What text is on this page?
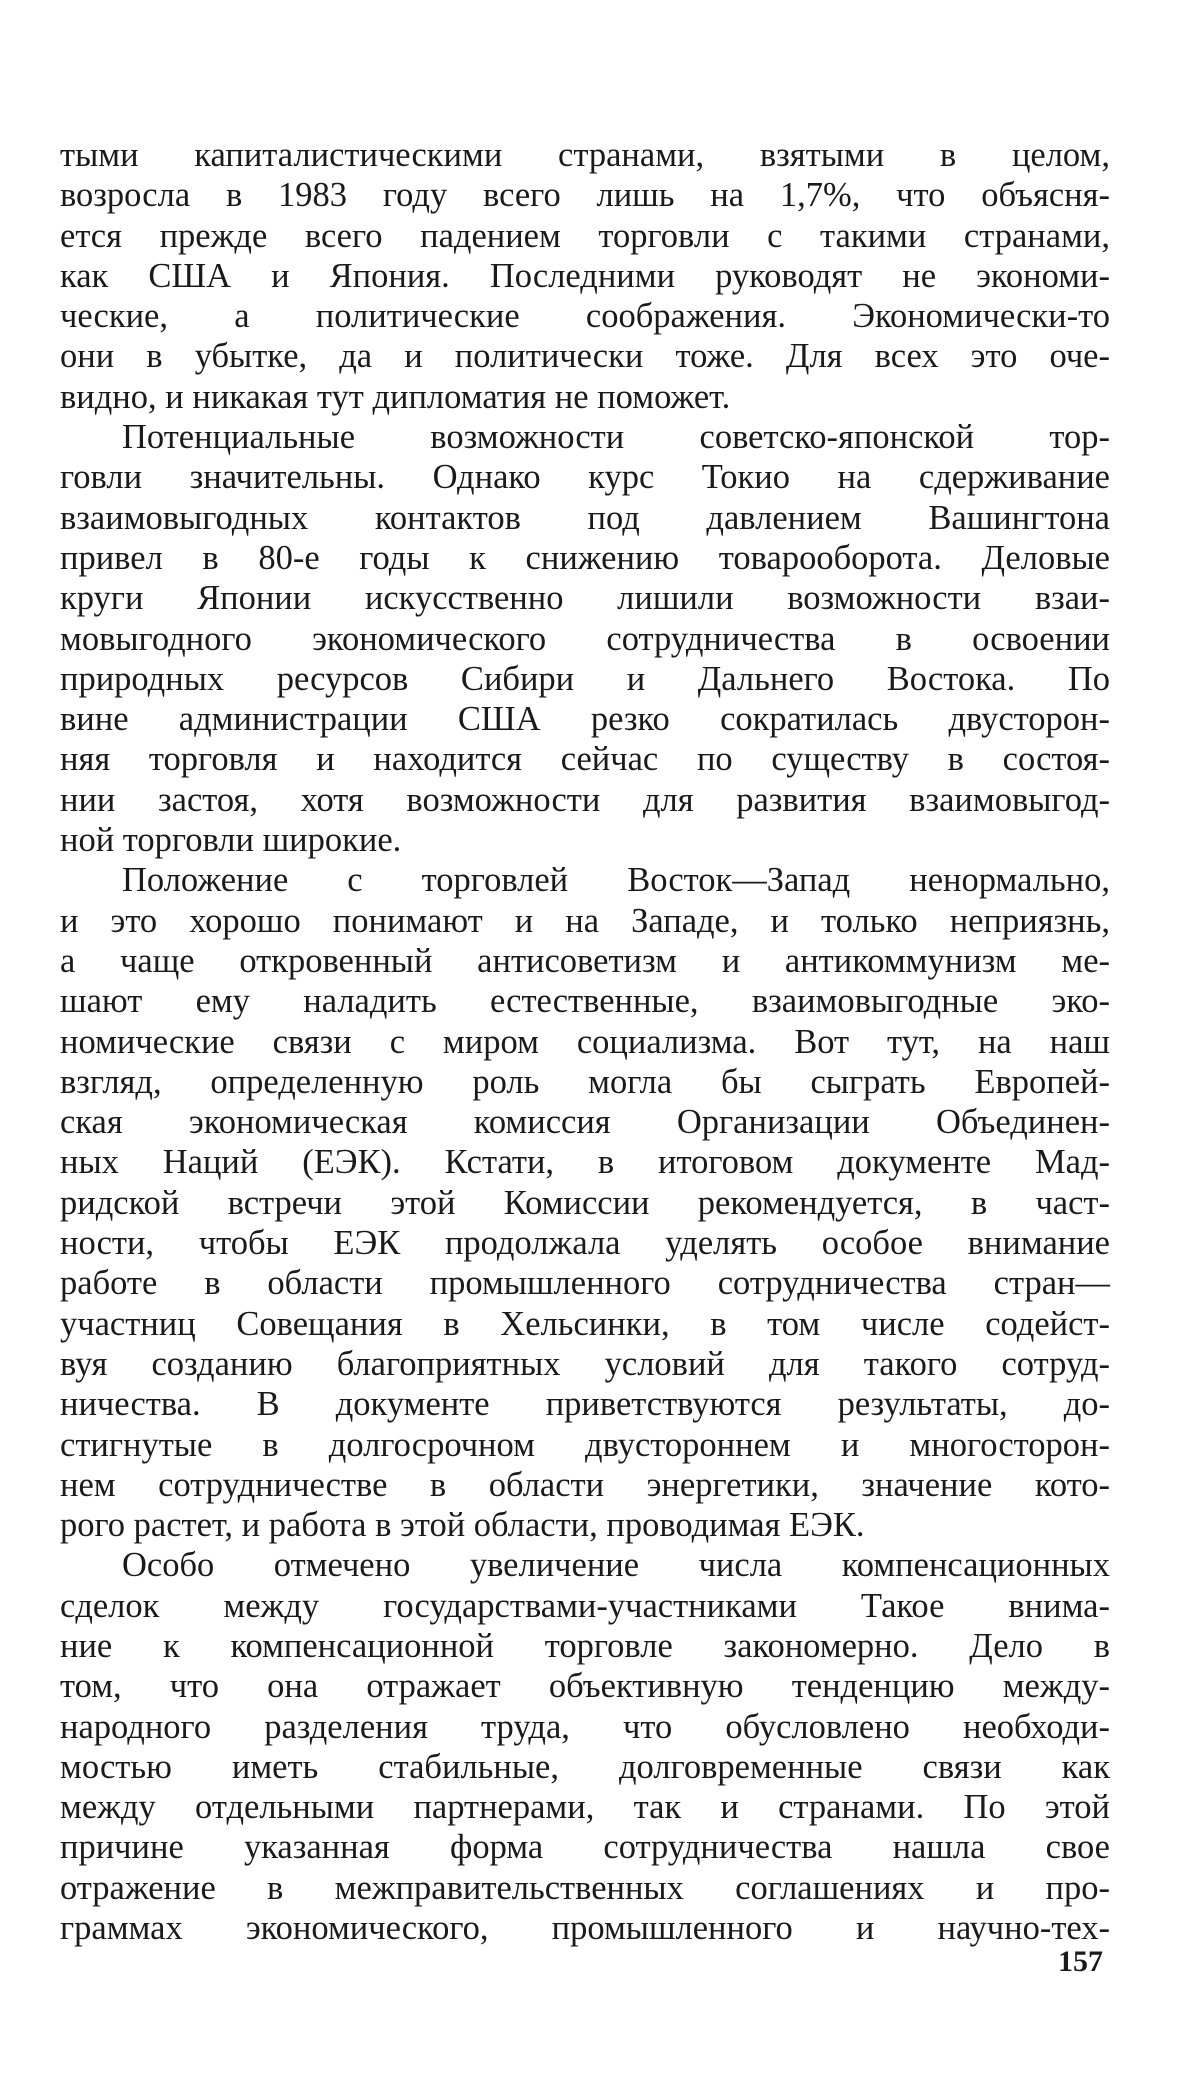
тыми капиталистическими странами, взятыми в целом,
возросла в 1983 году всего лишь на 1,7%, что объясня-
ется прежде всего падением торговли с такими странами,
как США и Япония. Последними руководят не экономи-
ческие, а политические соображения. Экономически-то
они в убытке, да и политически тоже. Для всех это оче-
видно, и никакая тут дипломатия не поможет.
Потенциальные возможности советско-японской тор-
говли значительны. Однако курс Токио на сдерживание
взаимовыгодных контактов под давлением Вашингтона
привел в 80-е годы к снижению товарооборота. Деловые
круги Японии искусственно лишили возможности взаи-
мовыгодного экономического сотрудничества в освоении
природных ресурсов Сибири и Дальнего Востока. По
вине администрации США резко сократилась двусторон-
няя торговля и находится сейчас по существу в состоя-
нии застоя, хотя возможности для развития взаимовыгод-
ной торговли широкие.
Положение с торговлей Восток—Запад ненормально,
и это хорошо понимают и на Западе, и только неприязнь,
а чаще откровенный антисоветизм и антикоммунизм ме-
шают ему наладить естественные, взаимовыгодные эко-
номические связи с миром социализма. Вот тут, на наш
взгляд, определенную роль могла бы сыграть Европей-
ская экономическая комиссия Организации Объединен-
ных Наций (ЕЭК). Кстати, в итоговом документе Мад-
ридской встречи этой Комиссии рекомендуется, в част-
ности, чтобы ЕЭК продолжала уделять особое внимание
работе в области промышленного сотрудничества стран—
участниц Совещания в Хельсинки, в том числе содейст-
вуя созданию благоприятных условий для такого сотруд-
ничества. В документе приветствуются результаты, до-
стигнутые в долгосрочном двустороннем и многосторон-
нем сотрудничестве в области энергетики, значение кото-
рого растет, и работа в этой области, проводимая ЕЭК.
Особо отмечено увеличение числа компенсационных
сделок между государствами-участниками Такое внима-
ние к компенсационной торговле закономерно. Дело в
том, что она отражает объективную тенденцию между-
народного разделения труда, что обусловлено необходи-
мостью иметь стабильные, долговременные связи как
между отдельными партнерами, так и странами. По этой
причине указанная форма сотрудничества нашла свое
отражение в межправительственных соглашениях и про-
граммах экономического, промышленного и научно-тех-
157
